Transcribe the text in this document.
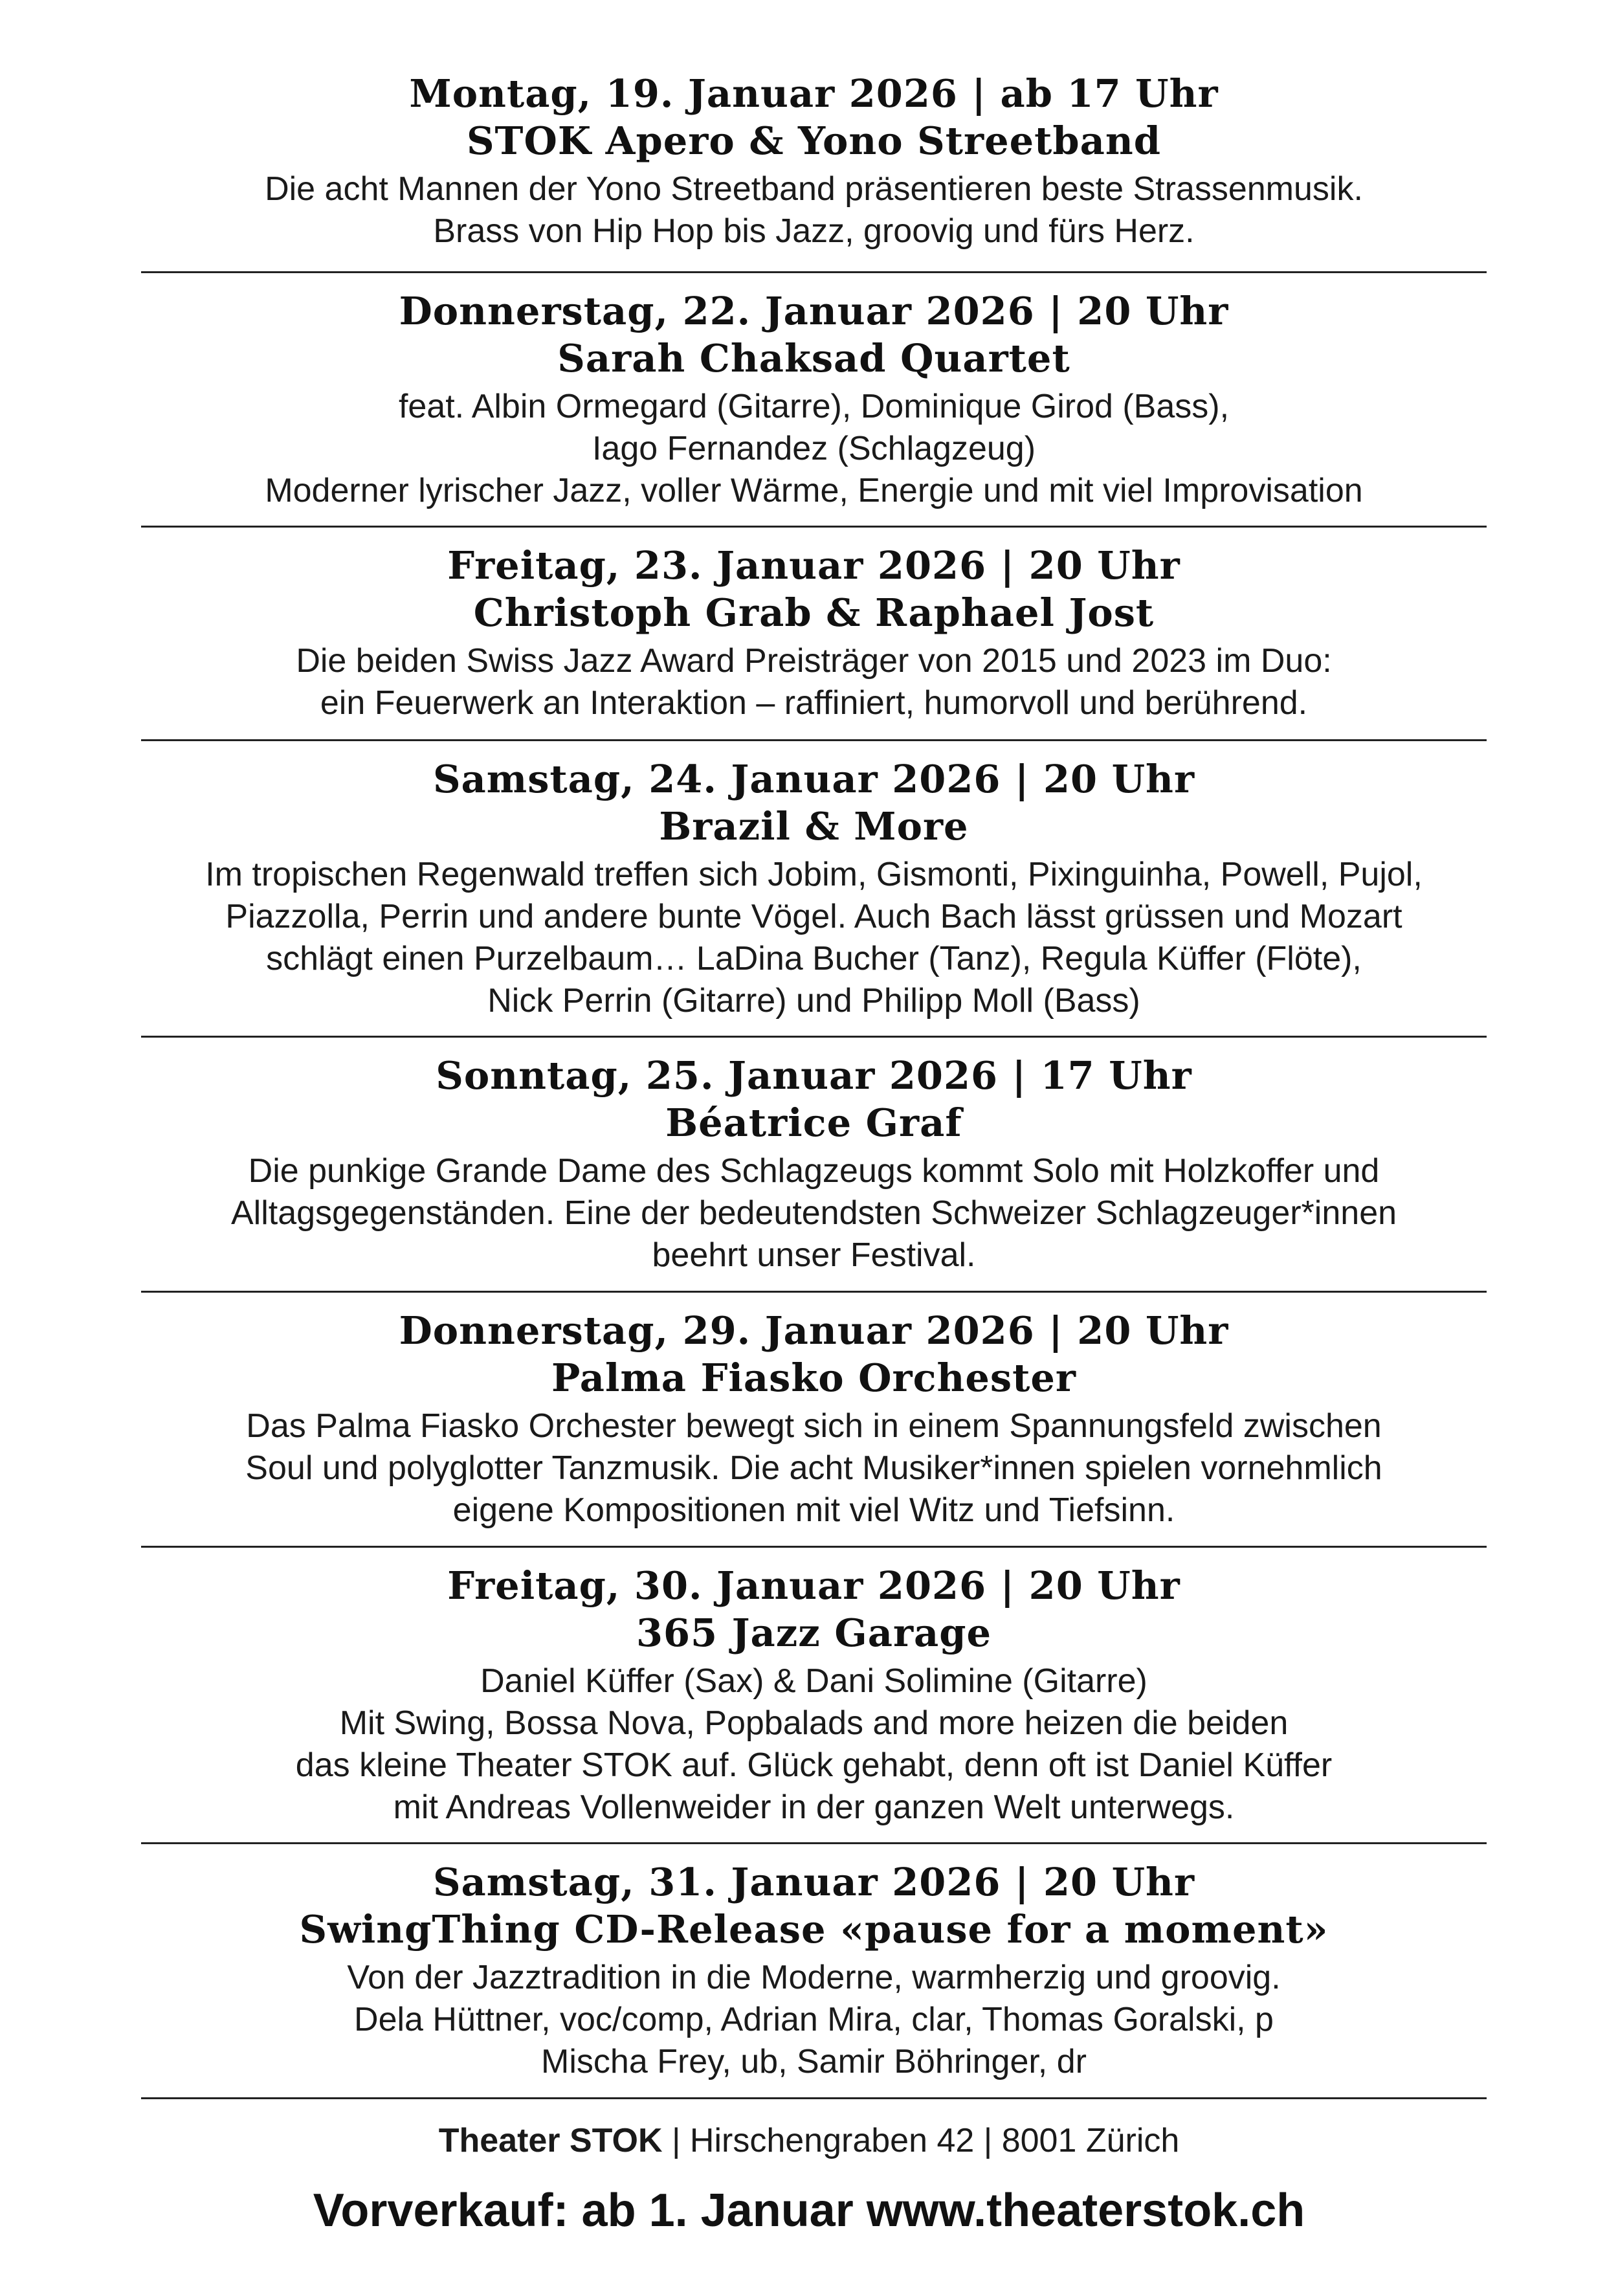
Montag, 19. Januar 2026 | ab 17 Uhr
STOK Apero & Yono Streetband
Die acht Mannen der Yono Streetband präsentieren beste Strassenmusik.
Brass von Hip Hop bis Jazz, groovig und fürs Herz.
Donnerstag, 22. Januar 2026 | 20 Uhr
Sarah Chaksad Quartet
feat. Albin Ormegard (Gitarre), Dominique Girod (Bass),
Iago Fernandez (Schlagzeug)
Moderner lyrischer Jazz, voller Wärme, Energie und mit viel Improvisation
Freitag, 23. Januar 2026 | 20 Uhr
Christoph Grab & Raphael Jost
Die beiden Swiss Jazz Award Preisträger von 2015 und 2023 im Duo:
ein Feuerwerk an Interaktion – raffiniert, humorvoll und berührend.
Samstag, 24. Januar 2026 | 20 Uhr
Brazil & More
Im tropischen Regenwald treffen sich Jobim, Gismonti, Pixinguinha, Powell, Pujol,
Piazzolla, Perrin und andere bunte Vögel. Auch Bach lässt grüssen und Mozart
schlägt einen Purzelbaum… LaDina Bucher (Tanz), Regula Küffer (Flöte),
Nick Perrin (Gitarre) und Philipp Moll (Bass)
Sonntag, 25. Januar 2026 | 17 Uhr
Béatrice Graf
Die punkige Grande Dame des Schlagzeugs kommt Solo mit Holzkoffer und
Alltagsgegenständen. Eine der bedeutendsten Schweizer Schlagzeuger*innen
beehrt unser Festival.
Donnerstag, 29. Januar 2026 | 20 Uhr
Palma Fiasko Orchester
Das Palma Fiasko Orchester bewegt sich in einem Spannungsfeld zwischen
Soul und polyglotter Tanzmusik. Die acht Musiker*innen spielen vornehmlich
eigene Kompositionen mit viel Witz und Tiefsinn.
Freitag, 30. Januar 2026 | 20 Uhr
365 Jazz Garage
Daniel Küffer (Sax) & Dani Solimine (Gitarre)
Mit Swing, Bossa Nova, Popbalads and more heizen die beiden
das kleine Theater STOK auf. Glück gehabt, denn oft ist Daniel Küffer
mit Andreas Vollenweider in der ganzen Welt unterwegs.
Samstag, 31. Januar 2026 | 20 Uhr
SwingThing CD-Release «pause for a moment»
Von der Jazztradition in die Moderne, warmherzig und groovig.
Dela Hüttner, voc/comp, Adrian Mira, clar, Thomas Goralski, p
Mischa Frey, ub, Samir Böhringer, dr
Theater STOK | Hirschengraben 42 | 8001 Zürich
Vorverkauf: ab 1. Januar www.theaterstok.ch
